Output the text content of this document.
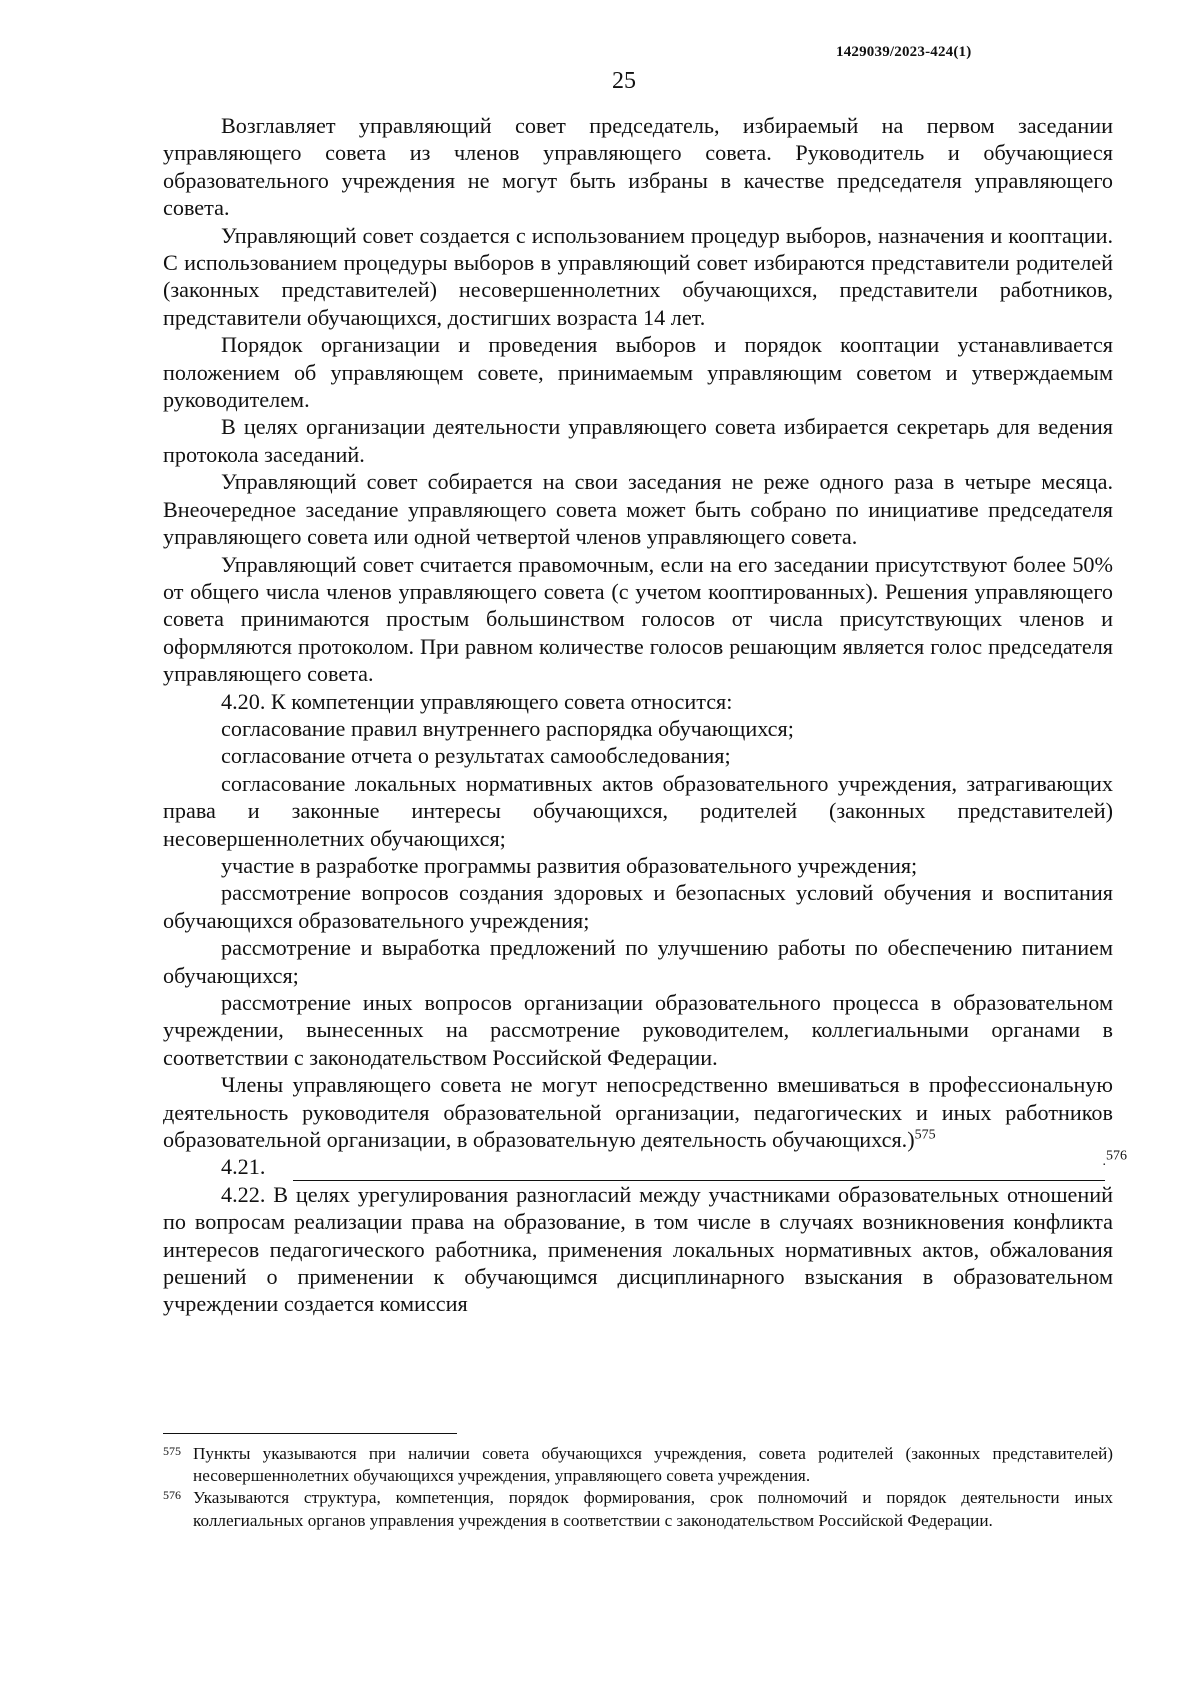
1429039/2023-424(1)
25

Возглавляет управляющий совет председатель, избираемый на первом заседании управляющего совета из членов управляющего совета. Руководитель и обучающиеся образовательного учреждения не могут быть избраны в качестве председателя управляющего совета.

Управляющий совет создается с использованием процедур выборов, назначения и кооптации. С использованием процедуры выборов в управляющий совет избираются представители родителей (законных представителей) несовершеннолетних обучающихся, представители работников, представители обучающихся, достигших возраста 14 лет.

Порядок организации и проведения выборов и порядок кооптации устанавливается положением об управляющем совете, принимаемым управляющим советом и утверждаемым руководителем.

В целях организации деятельности управляющего совета избирается секретарь для ведения протокола заседаний.

Управляющий совет собирается на свои заседания не реже одного раза в четыре месяца. Внеочередное заседание управляющего совета может быть собрано по инициативе председателя управляющего совета или одной четвертой членов управляющего совета.

Управляющий совет считается правомочным, если на его заседании присутствуют более 50% от общего числа членов управляющего совета (с учетом кооптированных). Решения управляющего совета принимаются простым большинством голосов от числа присутствующих членов и оформляются протоколом. При равном количестве голосов решающим является голос председателя управляющего совета.

4.20. К компетенции управляющего совета относится:

согласование правил внутреннего распорядка обучающихся;

согласование отчета о результатах самообследования;

согласование локальных нормативных актов образовательного учреждения, затрагивающих права и законные интересы обучающихся, родителей (законных представителей) несовершеннолетних обучающихся;

участие в разработке программы развития образовательного учреждения;

рассмотрение вопросов создания здоровых и безопасных условий обучения и воспитания обучающихся образовательного учреждения;

рассмотрение и выработка предложений по улучшению работы по обеспечению питанием обучающихся;

рассмотрение иных вопросов организации образовательного процесса в образовательном учреждении, вынесенных на рассмотрение руководителем, коллегиальными органами в соответствии с законодательством Российской Федерации.

Члены управляющего совета не могут непосредственно вмешиваться в профессиональную деятельность руководителя образовательной организации, педагогических и иных работников образовательной организации, в образовательную деятельность обучающихся.)$^{575}$

4.21.	.576

4.22. В целях урегулирования разногласий между участниками образовательных отношений по вопросам реализации права на образование, в том числе в случаях возникновения конфликта интересов педагогического работника, применения локальных нормативных актов, обжалования решений о применении к обучающимся дисциплинарного взыскания в образовательном учреждении создается комиссия

575 Пункты указываются при наличии совета обучающихся учреждения, совета родителей (законных представителей) несовершеннолетних обучающихся учреждения, управляющего совета учреждения.
576 Указываются структура, компетенция, порядок формирования, срок полномочий и порядок деятельности иных коллегиальных органов управления учреждения в соответствии с законодательством Российской Федерации.
